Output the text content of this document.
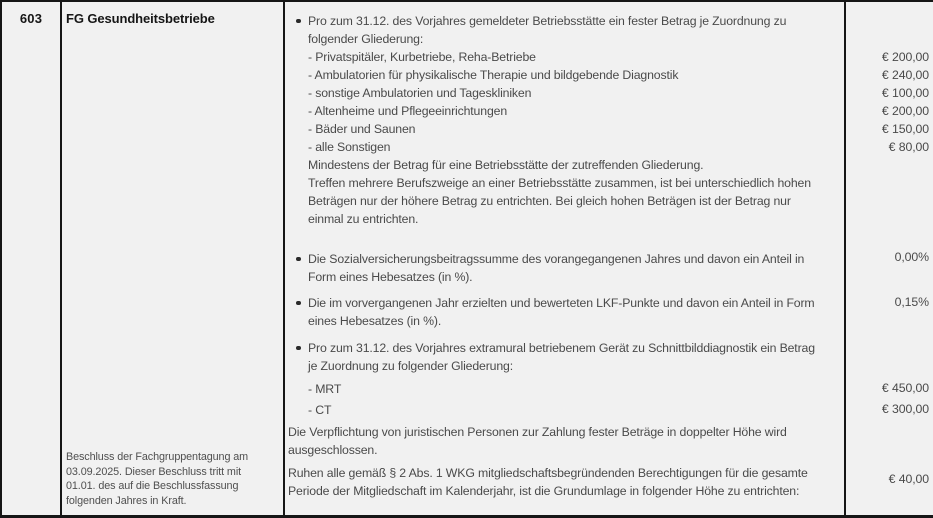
603	FG Gesundheitsbetriebe
Beschluss der Fachgruppentagung am
03.09.2025. Dieser Beschluss tritt mit
01.01. des auf die Beschlussfassung
folgenden Jahres in Kraft.
Pro zum 31.12. des Vorjahres gemeldeter Betriebsstätte ein fester Betrag je Zuordnung zu
folgender Gliederung:
- Privatspitäler, Kurbetriebe, Reha-Betriebe
- Ambulatorien für physikalische Therapie und bildgebende Diagnostik
- sonstige Ambulatorien und Tageskliniken
- Altenheime und Pflegeeinrichtungen
- Bäder und Saunen
- alle Sonstigen
Mindestens der Betrag für eine Betriebsstätte der zutreffenden Gliederung.
Treffen mehrere Berufszweige an einer Betriebsstätte zusammen, ist bei unterschiedlich hohen
Beträgen nur der höhere Betrag zu entrichten. Bei gleich hohen Beträgen ist der Betrag nur
einmal zu entrichten.
Die Sozialversicherungsbeitragssumme des vorangegangenen Jahres und davon ein Anteil in
Form eines Hebesatzes (in %).
Die im vorvergangenen Jahr erzielten und bewerteten LKF-Punkte und davon ein Anteil in Form
eines Hebesatzes (in %).
Pro zum 31.12. des Vorjahres extramural betriebenem Gerät zu Schnittbilddiagnostik ein Betrag
je Zuordnung zu folgender Gliederung:
- MRT
- CT
Die Verpflichtung von juristischen Personen zur Zahlung fester Beträge in doppelter Höhe wird
ausgeschlossen.
Ruhen alle gemäß § 2 Abs. 1 WKG mitgliedschaftsbegründenden Berechtigungen für die gesamte
Periode der Mitgliedschaft im Kalenderjahr, ist die Grundumlage in folgender Höhe zu entrichten:
€ 200,00
€ 240,00
€ 100,00
€ 200,00
€ 150,00
€ 80,00
0,00%
0,15%
€ 450,00
€ 300,00
€ 40,00
